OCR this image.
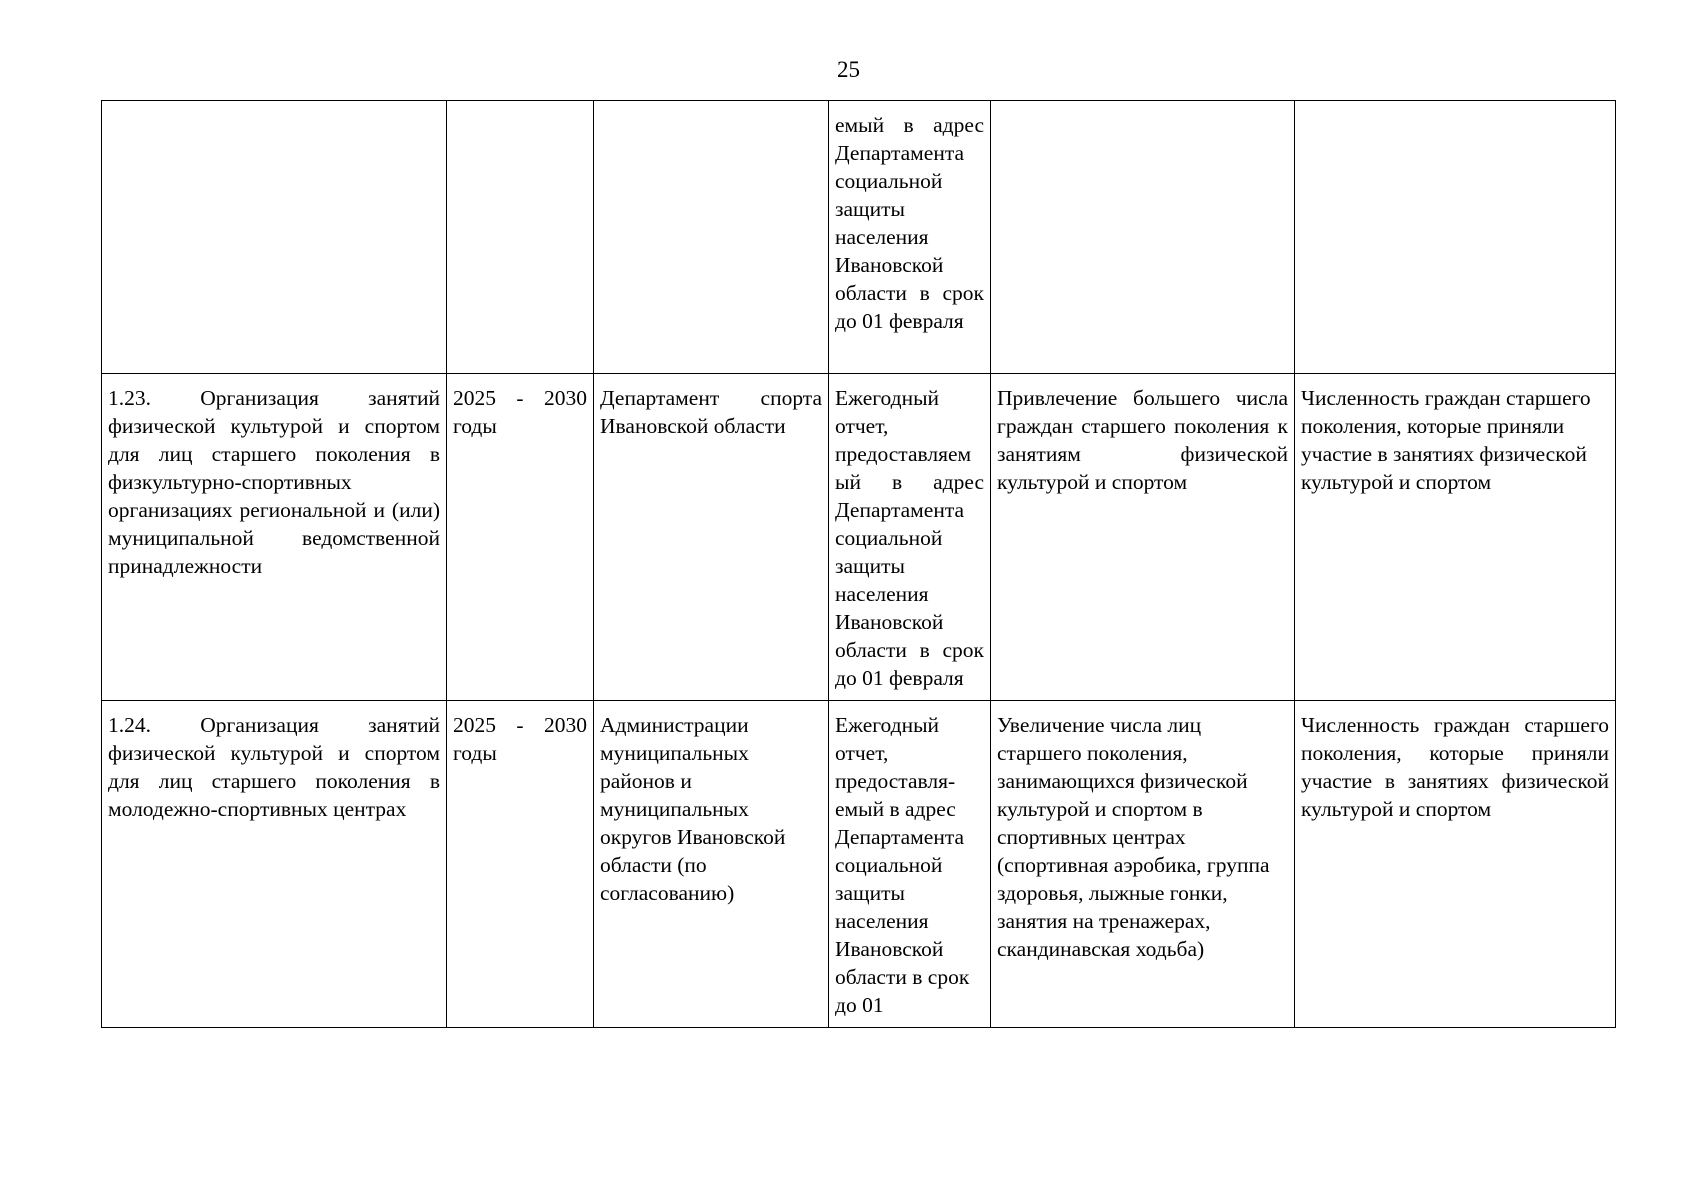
25
			емый в адрес Департамента социальной защиты населения Ивановской области в срок до 01 февраля		
1.23. Организация занятий физической культурой и спортом для лиц старшего поколения в физкультурно-спортивных организациях региональной и (или) муниципальной ведомственной принадлежности	2025 - 2030 годы	Департамент спорта Ивановской области	Ежегодный отчет, предоставляемый в адрес Департамента социальной защиты населения Ивановской области в срок до 01 февраля	Привлечение большего числа граждан старшего поколения к занятиям физической культурой и спортом	Численность граждан старшего поколения, которые приняли участие в занятиях физической культурой и спортом
1.24. Организация занятий физической культурой и спортом для лиц старшего поколения в молодежно-спортивных центрах	2025 - 2030 годы	Администрации муниципальных районов и муниципальных округов Ивановской области (по согласованию)	Ежегодный отчет, предоставля-емый в адрес Департамента социальной защиты населения Ивановской области в срок до 01	Увеличение числа лиц старшего поколения, занимающихся физической культурой и спортом в спортивных центрах (спортивная аэробика, группа здоровья, лыжные гонки, занятия на тренажерах, скандинавская ходьба)	Численность граждан старшего поколения, которые приняли участие в занятиях физической культурой и спортом
